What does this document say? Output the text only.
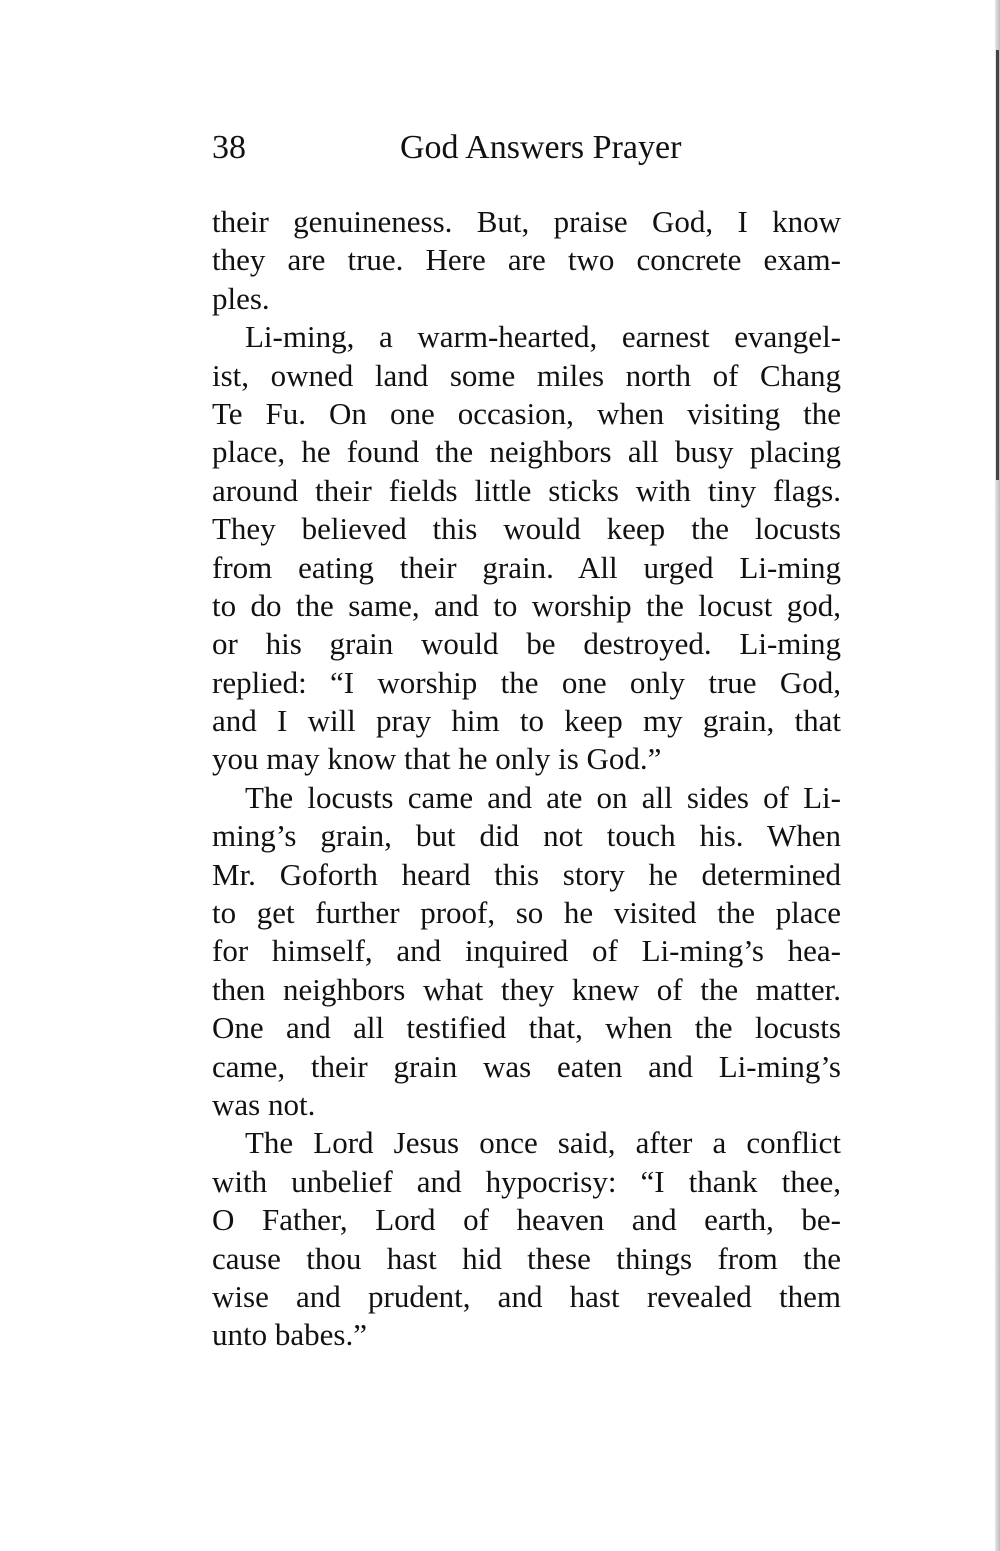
38	God Answers Prayer
their genuineness. But, praise God, I know
they are true. Here are two concrete exam-
ples.
Li-ming, a warm-hearted, earnest evangel-
ist, owned land some miles north of Chang
Te Fu. On one occasion, when visiting the
place, he found the neighbors all busy placing
around their fields little sticks with tiny flags.
They believed this would keep the locusts
from eating their grain. All urged Li-ming
to do the same, and to worship the locust god,
or his grain would be destroyed. Li-ming
replied: “I worship the one only true God,
and I will pray him to keep my grain, that
you may know that he only is God.”
The locusts came and ate on all sides of Li-
ming’s grain, but did not touch his. When
Mr. Goforth heard this story he determined
to get further proof, so he visited the place
for himself, and inquired of Li-ming’s hea-
then neighbors what they knew of the matter.
One and all testified that, when the locusts
came, their grain was eaten and Li-ming’s
was not.
The Lord Jesus once said, after a conflict
with unbelief and hypocrisy: “I thank thee,
O Father, Lord of heaven and earth, be-
cause thou hast hid these things from the
wise and prudent, and hast revealed them
unto babes.”
